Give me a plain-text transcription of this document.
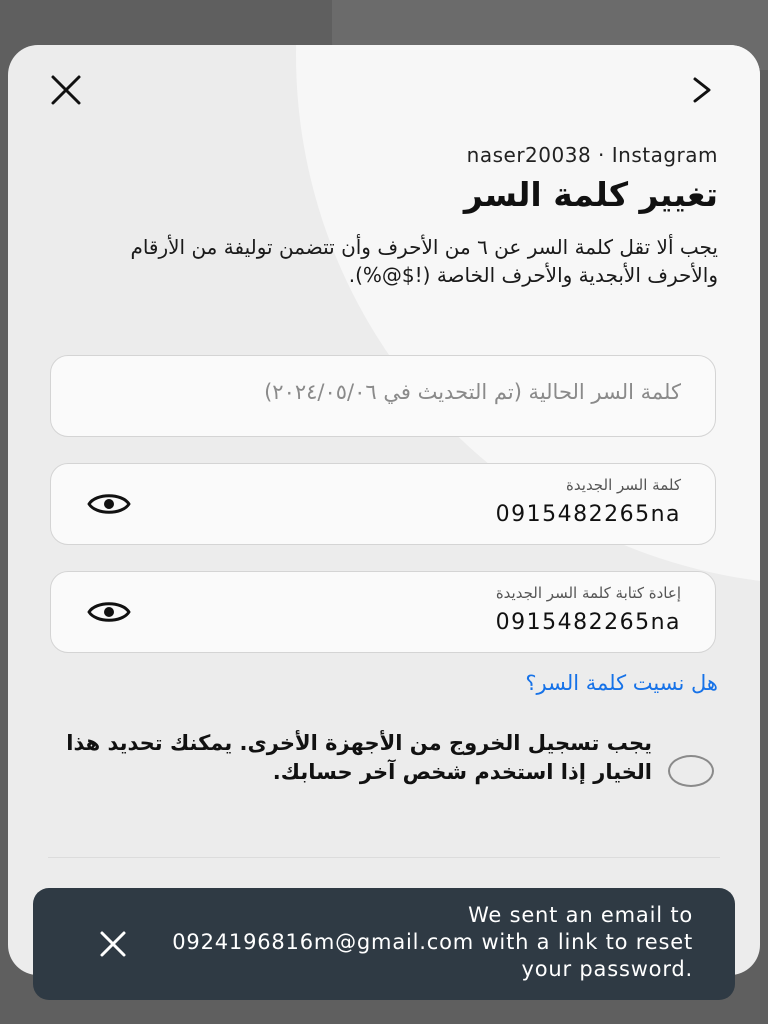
naser20038 · Instagram
تغيير كلمة السر
يجب ألا تقل كلمة السر عن ٦ من الأحرف وأن تتضمن توليفة من الأرقام والأحرف الأبجدية والأحرف الخاصة (!$@%).
كلمة السر الحالية (تم التحديث في ٢٠٢٤/٠٥/٠٦)
كلمة السر الجديدة
0915482265na
إعادة كتابة كلمة السر الجديدة
0915482265na
هل نسيت كلمة السر؟
يجب تسجيل الخروج من الأجهزة الأخرى. يمكنك تحديد هذا الخيار إذا استخدم شخص آخر حسابك.
We sent an email to 0924196816m@gmail.com with a link to reset your password.
